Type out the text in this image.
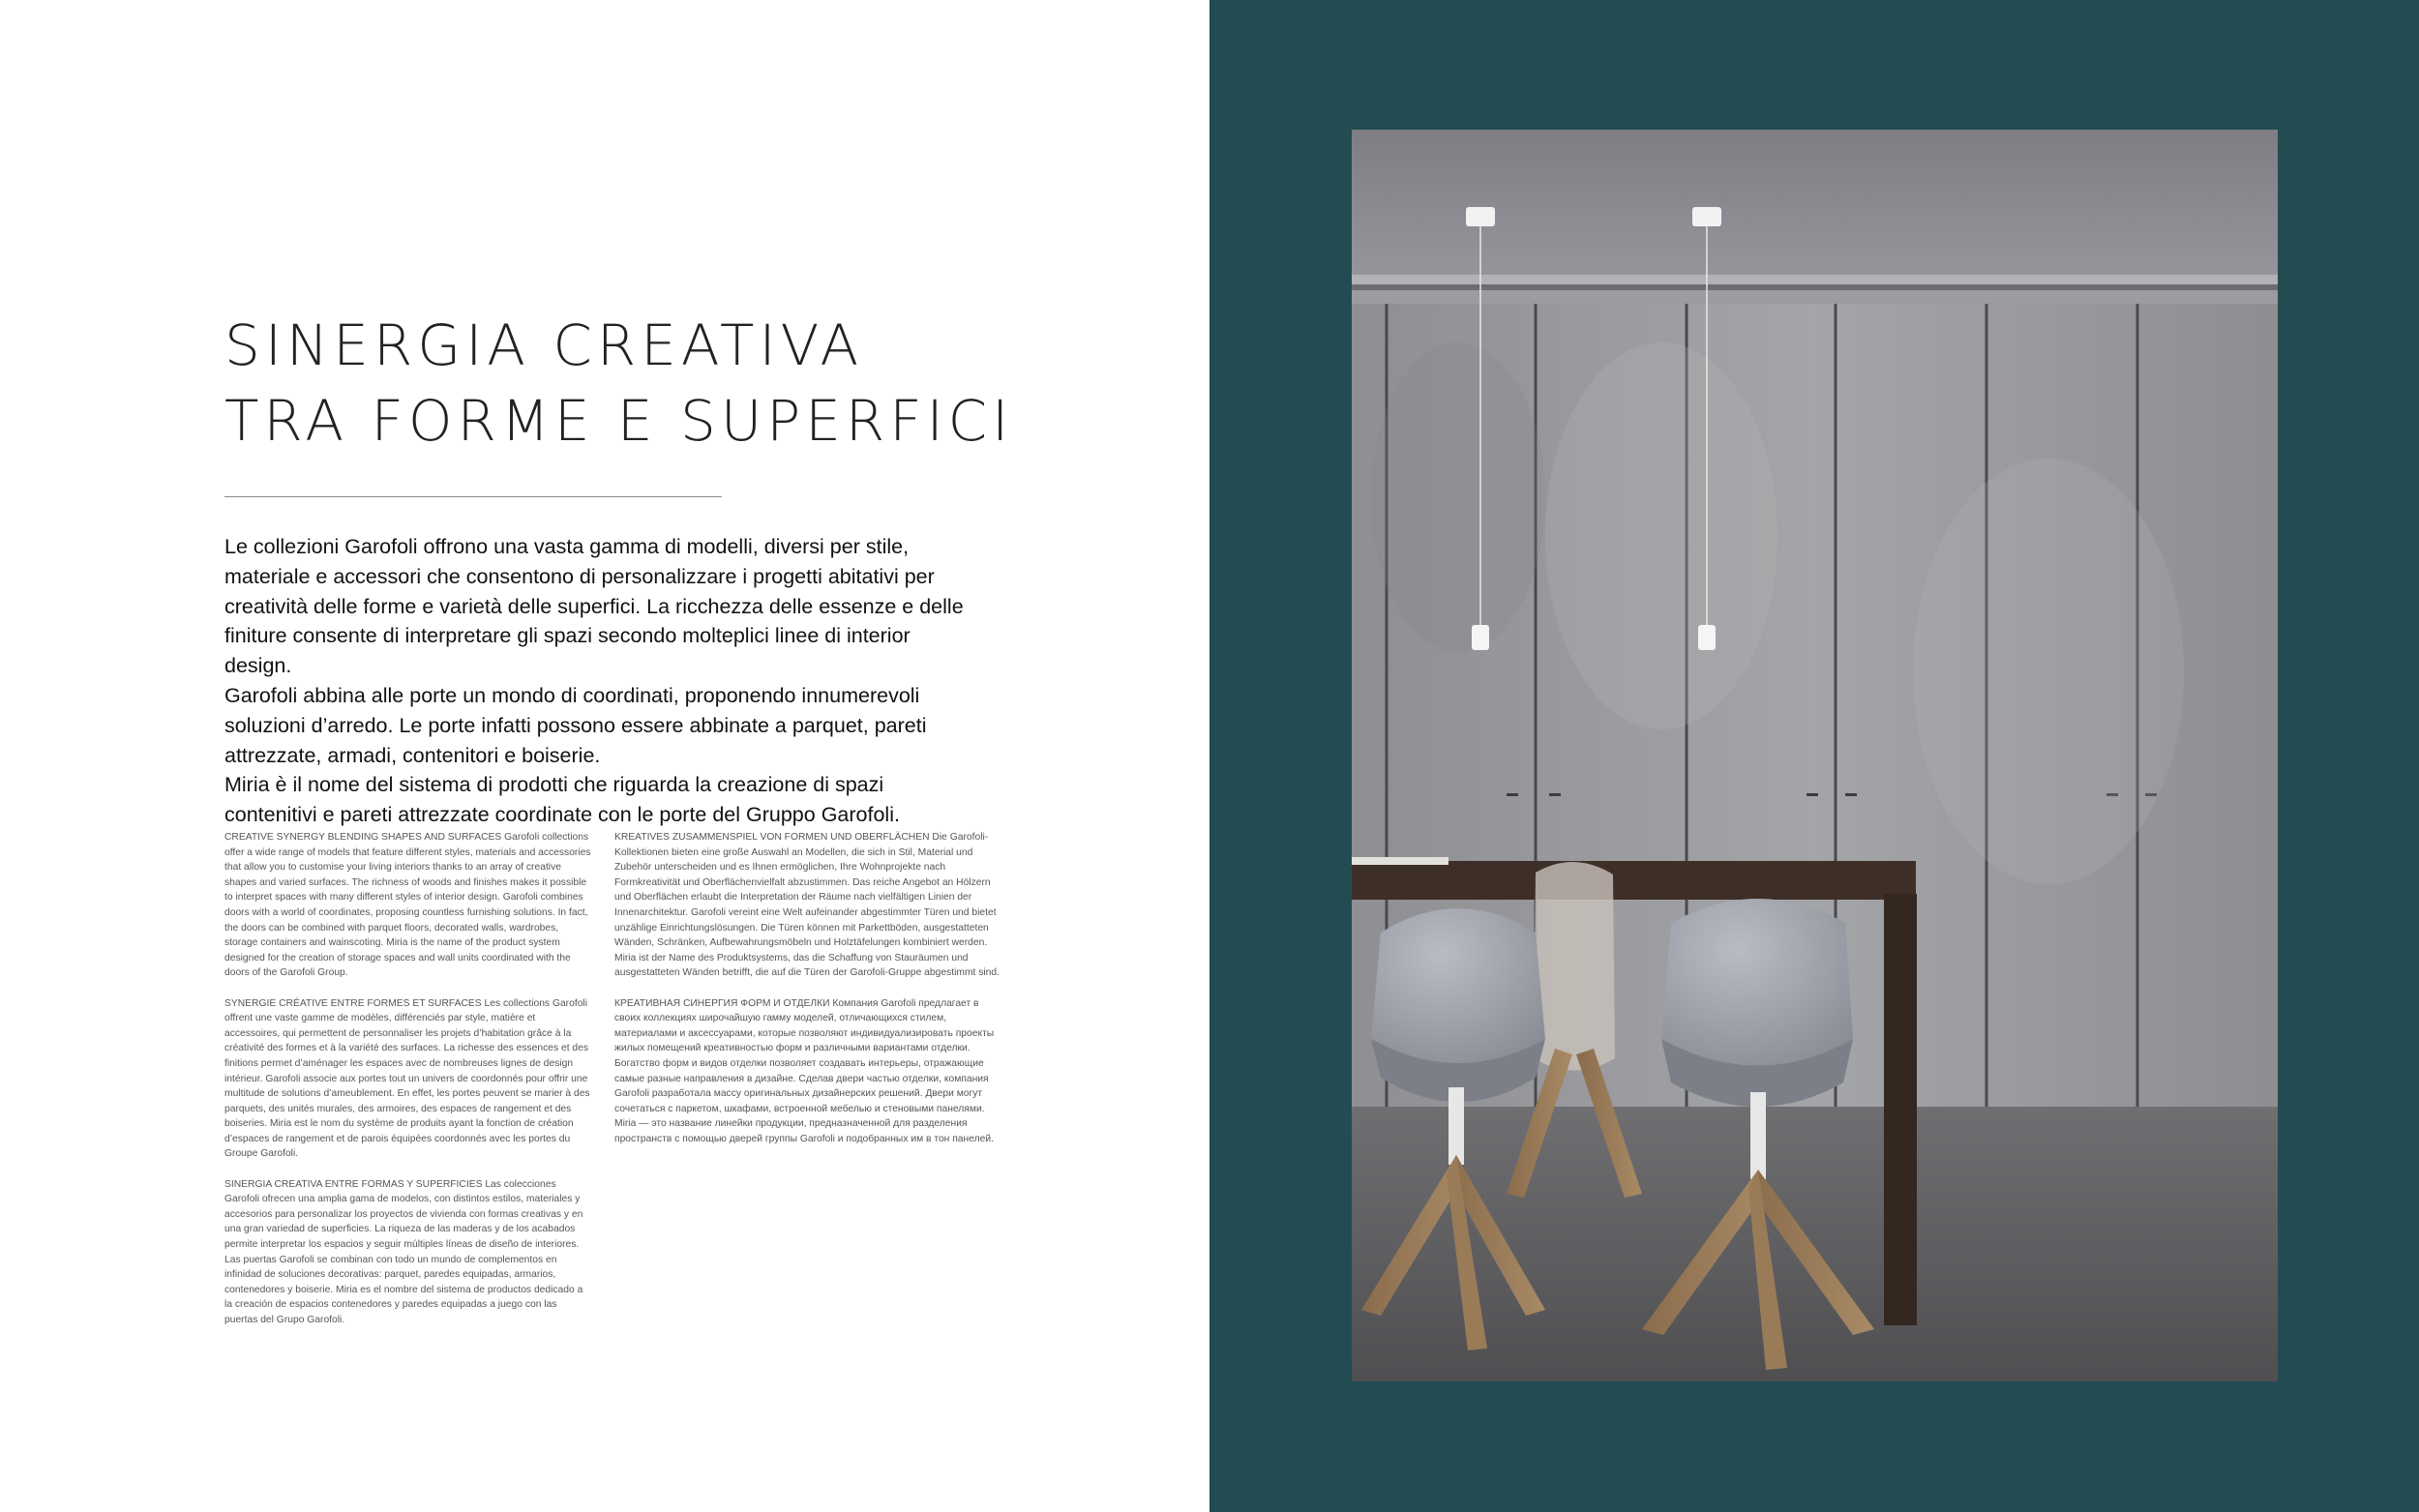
SINERGIA CREATIVA
TRA FORME E SUPERFICI

Le collezioni Garofoli offrono una vasta gamma di modelli, diversi per stile, materiale e accessori che consentono di personalizzare i progetti abitativi per creatività delle forme e varietà delle superfici. La ricchezza delle essenze e delle finiture consente di interpretare gli spazi secondo molteplici linee di interior design.

Garofoli abbina alle porte un mondo di coordinati, proponendo innumerevoli soluzioni d’arredo. Le porte infatti possono essere abbinate a parquet, pareti attrezzate, armadi, contenitori e boiserie.

Miria è il nome del sistema di prodotti che riguarda la creazione di spazi contenitivi e pareti attrezzate coordinate con le porte del Gruppo Garofoli.

CREATIVE SYNERGY BLENDING SHAPES AND SURFACES Garofoli collections offer a wide range of models that feature different styles, materials and accessories that allow you to customise your living interiors thanks to an array of creative shapes and varied surfaces. The richness of woods and finishes makes it possible to interpret spaces with many different styles of interior design. Garofoli combines doors with a world of coordinates, proposing countless furnishing solutions. In fact, the doors can be combined with parquet floors, decorated walls, wardrobes, storage containers and wainscoting. Miria is the name of the product system designed for the creation of storage spaces and wall units coordinated with the doors of the Garofoli Group.

SYNERGIE CRÉATIVE ENTRE FORMES ET SURFACES Les collections Garofoli offrent une vaste gamme de modèles, différenciés par style, matière et accessoires, qui permettent de personnaliser les projets d’habitation grâce à la créativité des formes et à la variété des surfaces. La richesse des essences et des finitions permet d’aménager les espaces avec de nombreuses lignes de design intérieur. Garofoli associe aux portes tout un univers de coordonnés pour offrir une multitude de solutions d’ameublement. En effet, les portes peuvent se marier à des parquets, des unités murales, des armoires, des espaces de rangement et des boiseries. Miria est le nom du système de produits ayant la fonction de création d’espaces de rangement et de parois équipées coordonnés avec les portes du Groupe Garofoli.

SINERGIA CREATIVA ENTRE FORMAS Y SUPERFICIES Las colecciones Garofoli ofrecen una amplia gama de modelos, con distintos estilos, materiales y accesorios para personalizar los proyectos de vivienda con formas creativas y en una gran variedad de superficies. La riqueza de las maderas y de los acabados permite interpretar los espacios y seguir múltiples líneas de diseño de interiores. Las puertas Garofoli se combinan con todo un mundo de complementos en infinidad de soluciones decorativas: parquet, paredes equipadas, armarios, contenedores y boiserie. Miria es el nombre del sistema de productos dedicado a la creación de espacios contenedores y paredes equipadas a juego con las puertas del Grupo Garofoli.

KREATIVES ZUSAMMENSPIEL VON FORMEN UND OBERFLÄCHEN Die Garofoli-Kollektionen bieten eine große Auswahl an Modellen, die sich in Stil, Material und Zubehör unterscheiden und es Ihnen ermöglichen, Ihre Wohnprojekte nach Formkreativität und Oberflächenvielfalt abzustimmen. Das reiche Angebot an Hölzern und Oberflächen erlaubt die Interpretation der Räume nach vielfältigen Linien der Innenarchitektur. Garofoli vereint eine Welt aufeinander abgestimmter Türen und bietet unzählige Einrichtungslösungen. Die Türen können mit Parkettböden, ausgestatteten Wänden, Schränken, Aufbewahrungsmöbeln und Holztäfelungen kombiniert werden. Miria ist der Name des Produktsystems, das die Schaffung von Stauräumen und ausgestatteten Wänden betrifft, die auf die Türen der Garofoli-Gruppe abgestimmt sind.

КРЕАТИВНАЯ СИНЕРГИЯ ФОРМ И ОТДЕЛКИ Компания Garofoli предлагает в своих коллекциях широчайшую гамму моделей, отличающихся стилем, материалами и аксессуарами, которые позволяют индивидуализировать проекты жилых помещений креативностью форм и различными вариантами отделки. Богатство форм и видов отделки позволяет создавать интерьеры, отражающие самые разные направления в дизайне. Сделав двери частью отделки, компания Garofoli разработала массу оригинальных дизайнерских решений. Двери могут сочетаться с паркетом, шкафами, встроенной мебелью и стеновыми панелями. Miria — это название линейки продукции, предназначенной для разделения пространств с помощью дверей группы Garofoli и подобранных им в тон панелей.
